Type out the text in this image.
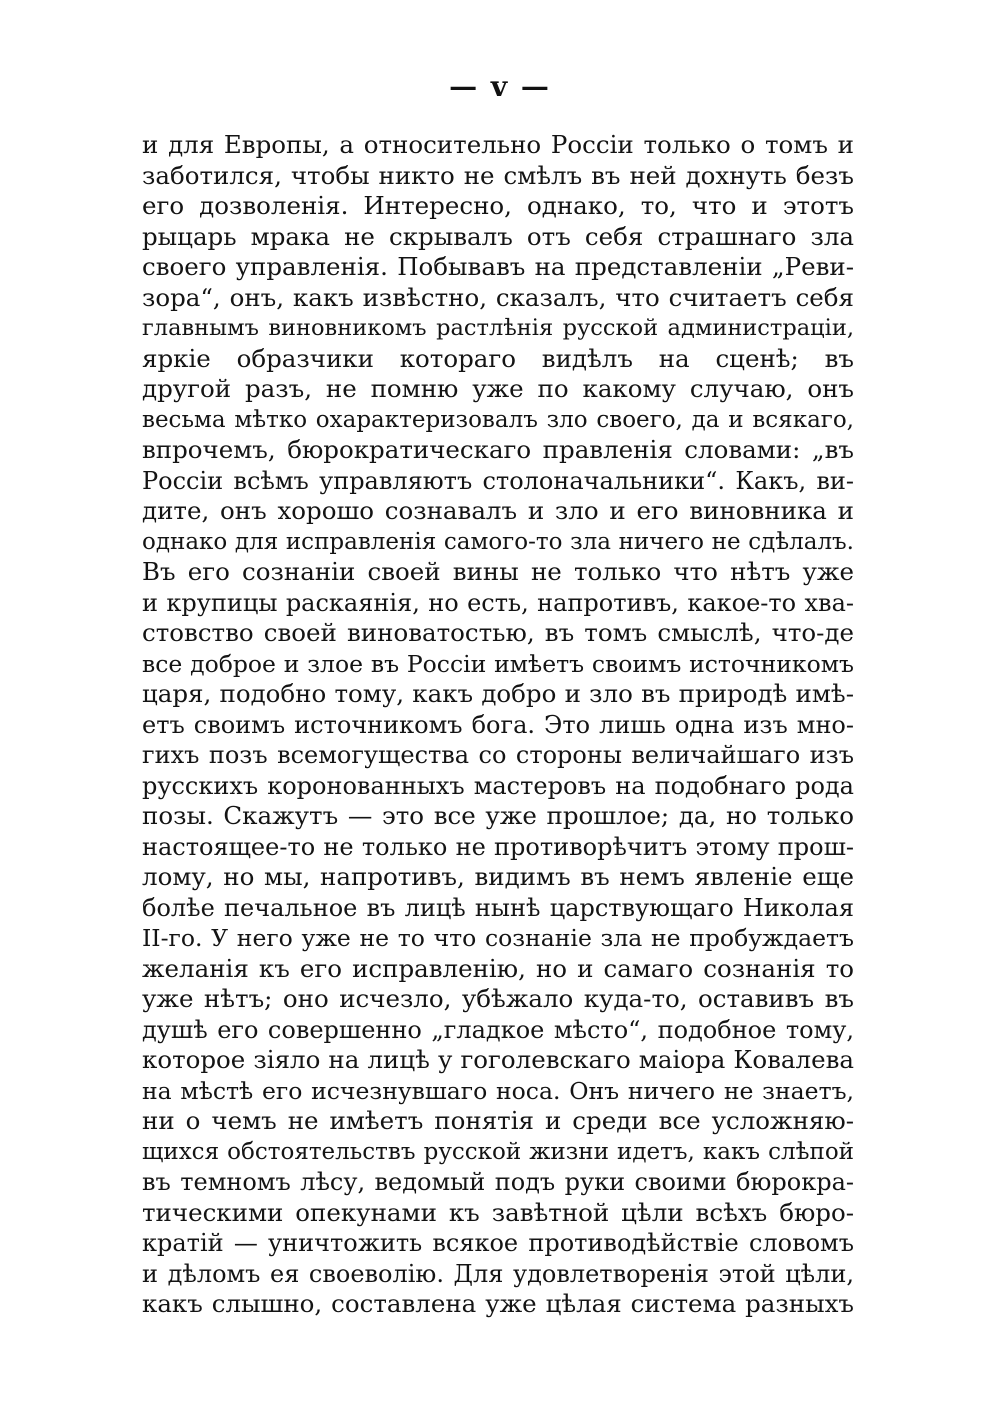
— v —
и для Европы, а относительно Россіи только о томъ и
заботился, чтобы никто не смѣлъ въ ней дохнуть безъ
его дозволенія. Интересно, однако, то, что и этотъ
рыцарь мрака не скрывалъ отъ себя страшнаго зла
своего управленія. Побывавъ на представленіи „Реви-
зора“, онъ, какъ извѣстно, сказалъ, что считаетъ себя
главнымъ виновникомъ растлѣнія русской администраціи,
яркіе образчики котораго видѣлъ на сценѣ; въ
другой разъ, не помню уже по какому случаю, онъ
весьма мѣтко охарактеризовалъ зло своего, да и всякаго,
впрочемъ, бюрократическаго правленія словами: „въ
Россіи всѣмъ управляютъ столоначальники“. Какъ, ви-
дите, онъ хорошо сознавалъ и зло и его виновника и
однако для исправленія самого-то зла ничего не сдѣлалъ.
Въ его сознаніи своей вины не только что нѣтъ уже
и крупицы раскаянія, но есть, напротивъ, какое-то хва-
стовство своей виноватостью, въ томъ смыслѣ, что-де
все доброе и злое въ Россіи имѣетъ своимъ источникомъ
царя, подобно тому, какъ добро и зло въ природѣ имѣ-
етъ своимъ источникомъ бога. Это лишь одна изъ мно-
гихъ позъ всемогущества со стороны величайшаго изъ
русскихъ коронованныхъ мастеровъ на подобнаго рода
позы. Скажутъ — это все уже прошлое; да, но только
настоящее-то не только не противорѣчитъ этому прош-
лому, но мы, напротивъ, видимъ въ немъ явленіе еще
болѣе печальное въ лицѣ нынѣ царствующаго Николая
II-го. У него уже не то что сознаніе зла не пробуждаетъ
желанія къ его исправленію, но и самаго сознанія то
уже нѣтъ; оно исчезло, убѣжало куда-то, оставивъ въ
душѣ его совершенно „гладкое мѣсто“, подобное тому,
которое зіяло на лицѣ у гоголевскаго маіора Ковалева
на мѣстѣ его исчезнувшаго носа. Онъ ничего не знаетъ,
ни о чемъ не имѣетъ понятія и среди все усложняю-
щихся обстоятельствъ русской жизни идетъ, какъ слѣпой
въ темномъ лѣсу, ведомый подъ руки своими бюрокра-
тическими опекунами къ завѣтной цѣли всѣхъ бюро-
кратій — уничтожить всякое противодѣйствіе словомъ
и дѣломъ ея своеволію. Для удовлетворенія этой цѣли,
какъ слышно, составлена уже цѣлая система разныхъ
